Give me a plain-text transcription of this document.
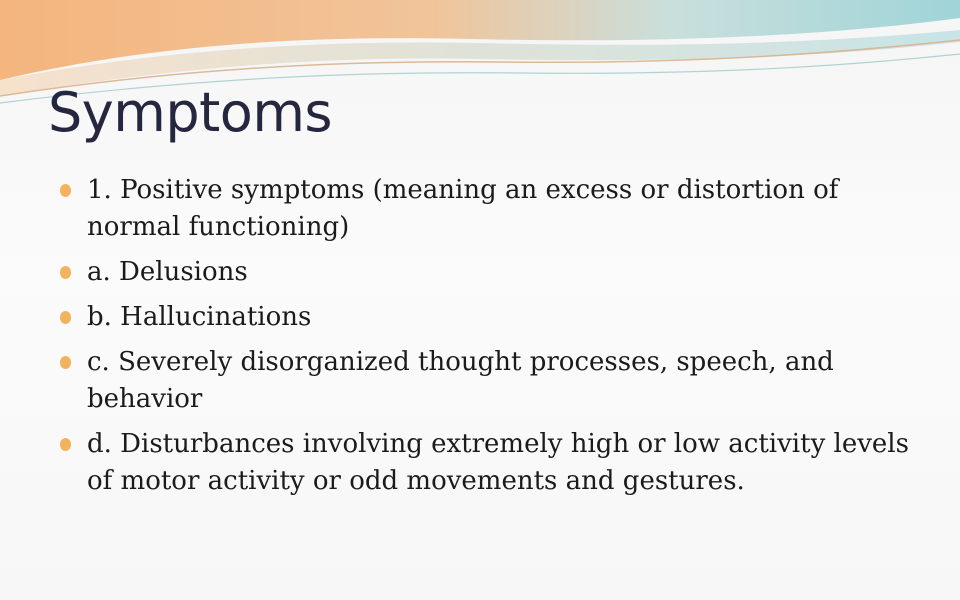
Symptoms
1. Positive symptoms (meaning an excess or distortion of normal functioning)
a. Delusions
b. Hallucinations
c. Severely disorganized thought processes, speech, and behavior
d. Disturbances involving extremely high or low activity levels of motor activity or odd movements and gestures.
